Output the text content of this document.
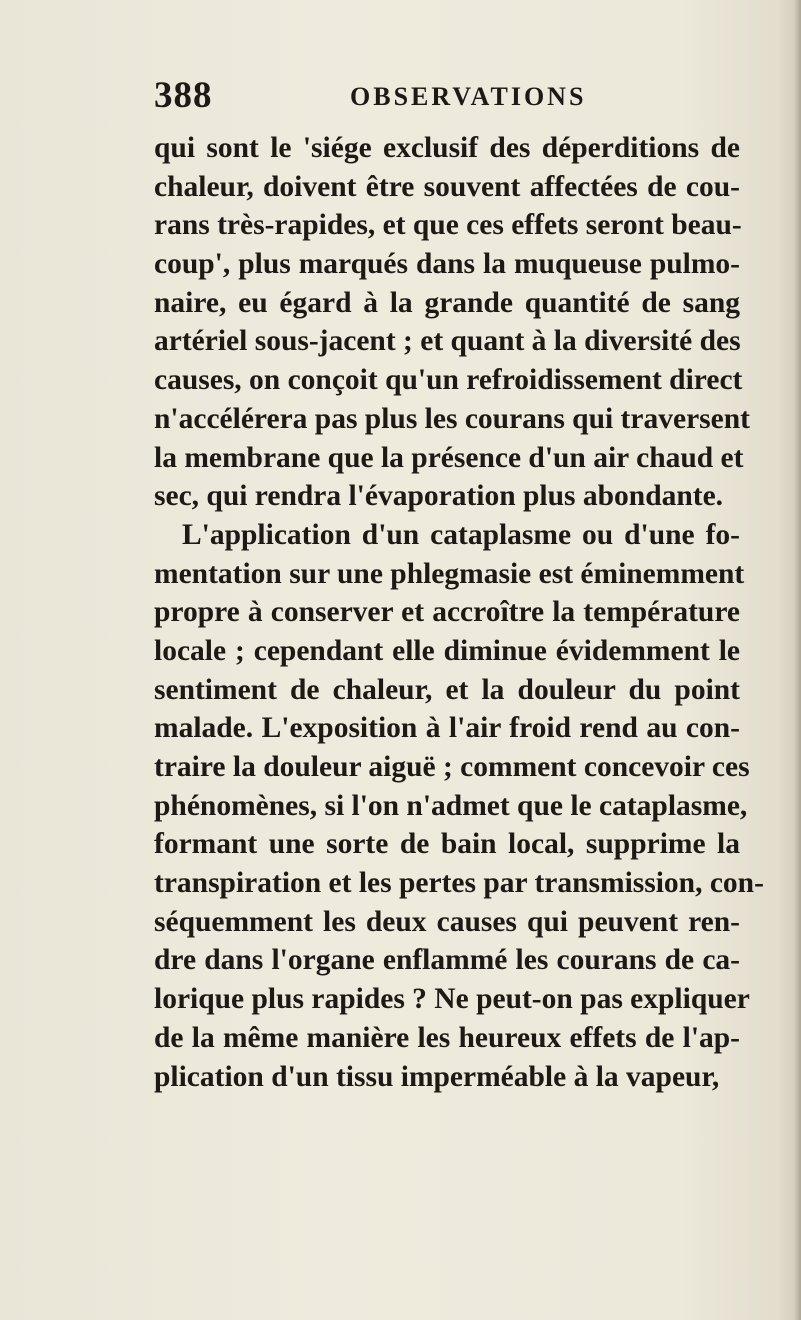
388	OBSERVATIONS
qui sont le 'siége exclusif des déperditions de
chaleur, doivent être souvent affectées de cou-
rans très-rapides, et que ces effets seront beau-
coup', plus marqués dans la muqueuse pulmo-
naire, eu égard à la grande quantité de sang
artériel sous-jacent ; et quant à la diversité des
causes, on conçoit qu'un refroidissement direct
n'accélérera pas plus les courans qui traversent
la membrane que la présence d'un air chaud et
sec, qui rendra l'évaporation plus abondante.
L'application d'un cataplasme ou d'une fo-
mentation sur une phlegmasie est éminemment
propre à conserver et accroître la température
locale ; cependant elle diminue évidemment le
sentiment de chaleur, et la douleur du point
malade. L'exposition à l'air froid rend au con-
traire la douleur aiguë ; comment concevoir ces
phénomènes, si l'on n'admet que le cataplasme,
formant une sorte de bain local, supprime la
transpiration et les pertes par transmission, con-
séquemment les deux causes qui peuvent ren-
dre dans l'organe enflammé les courans de ca-
lorique plus rapides ? Ne peut-on pas expliquer
de la même manière les heureux effets de l'ap-
plication d'un tissu imperméable à la vapeur,
